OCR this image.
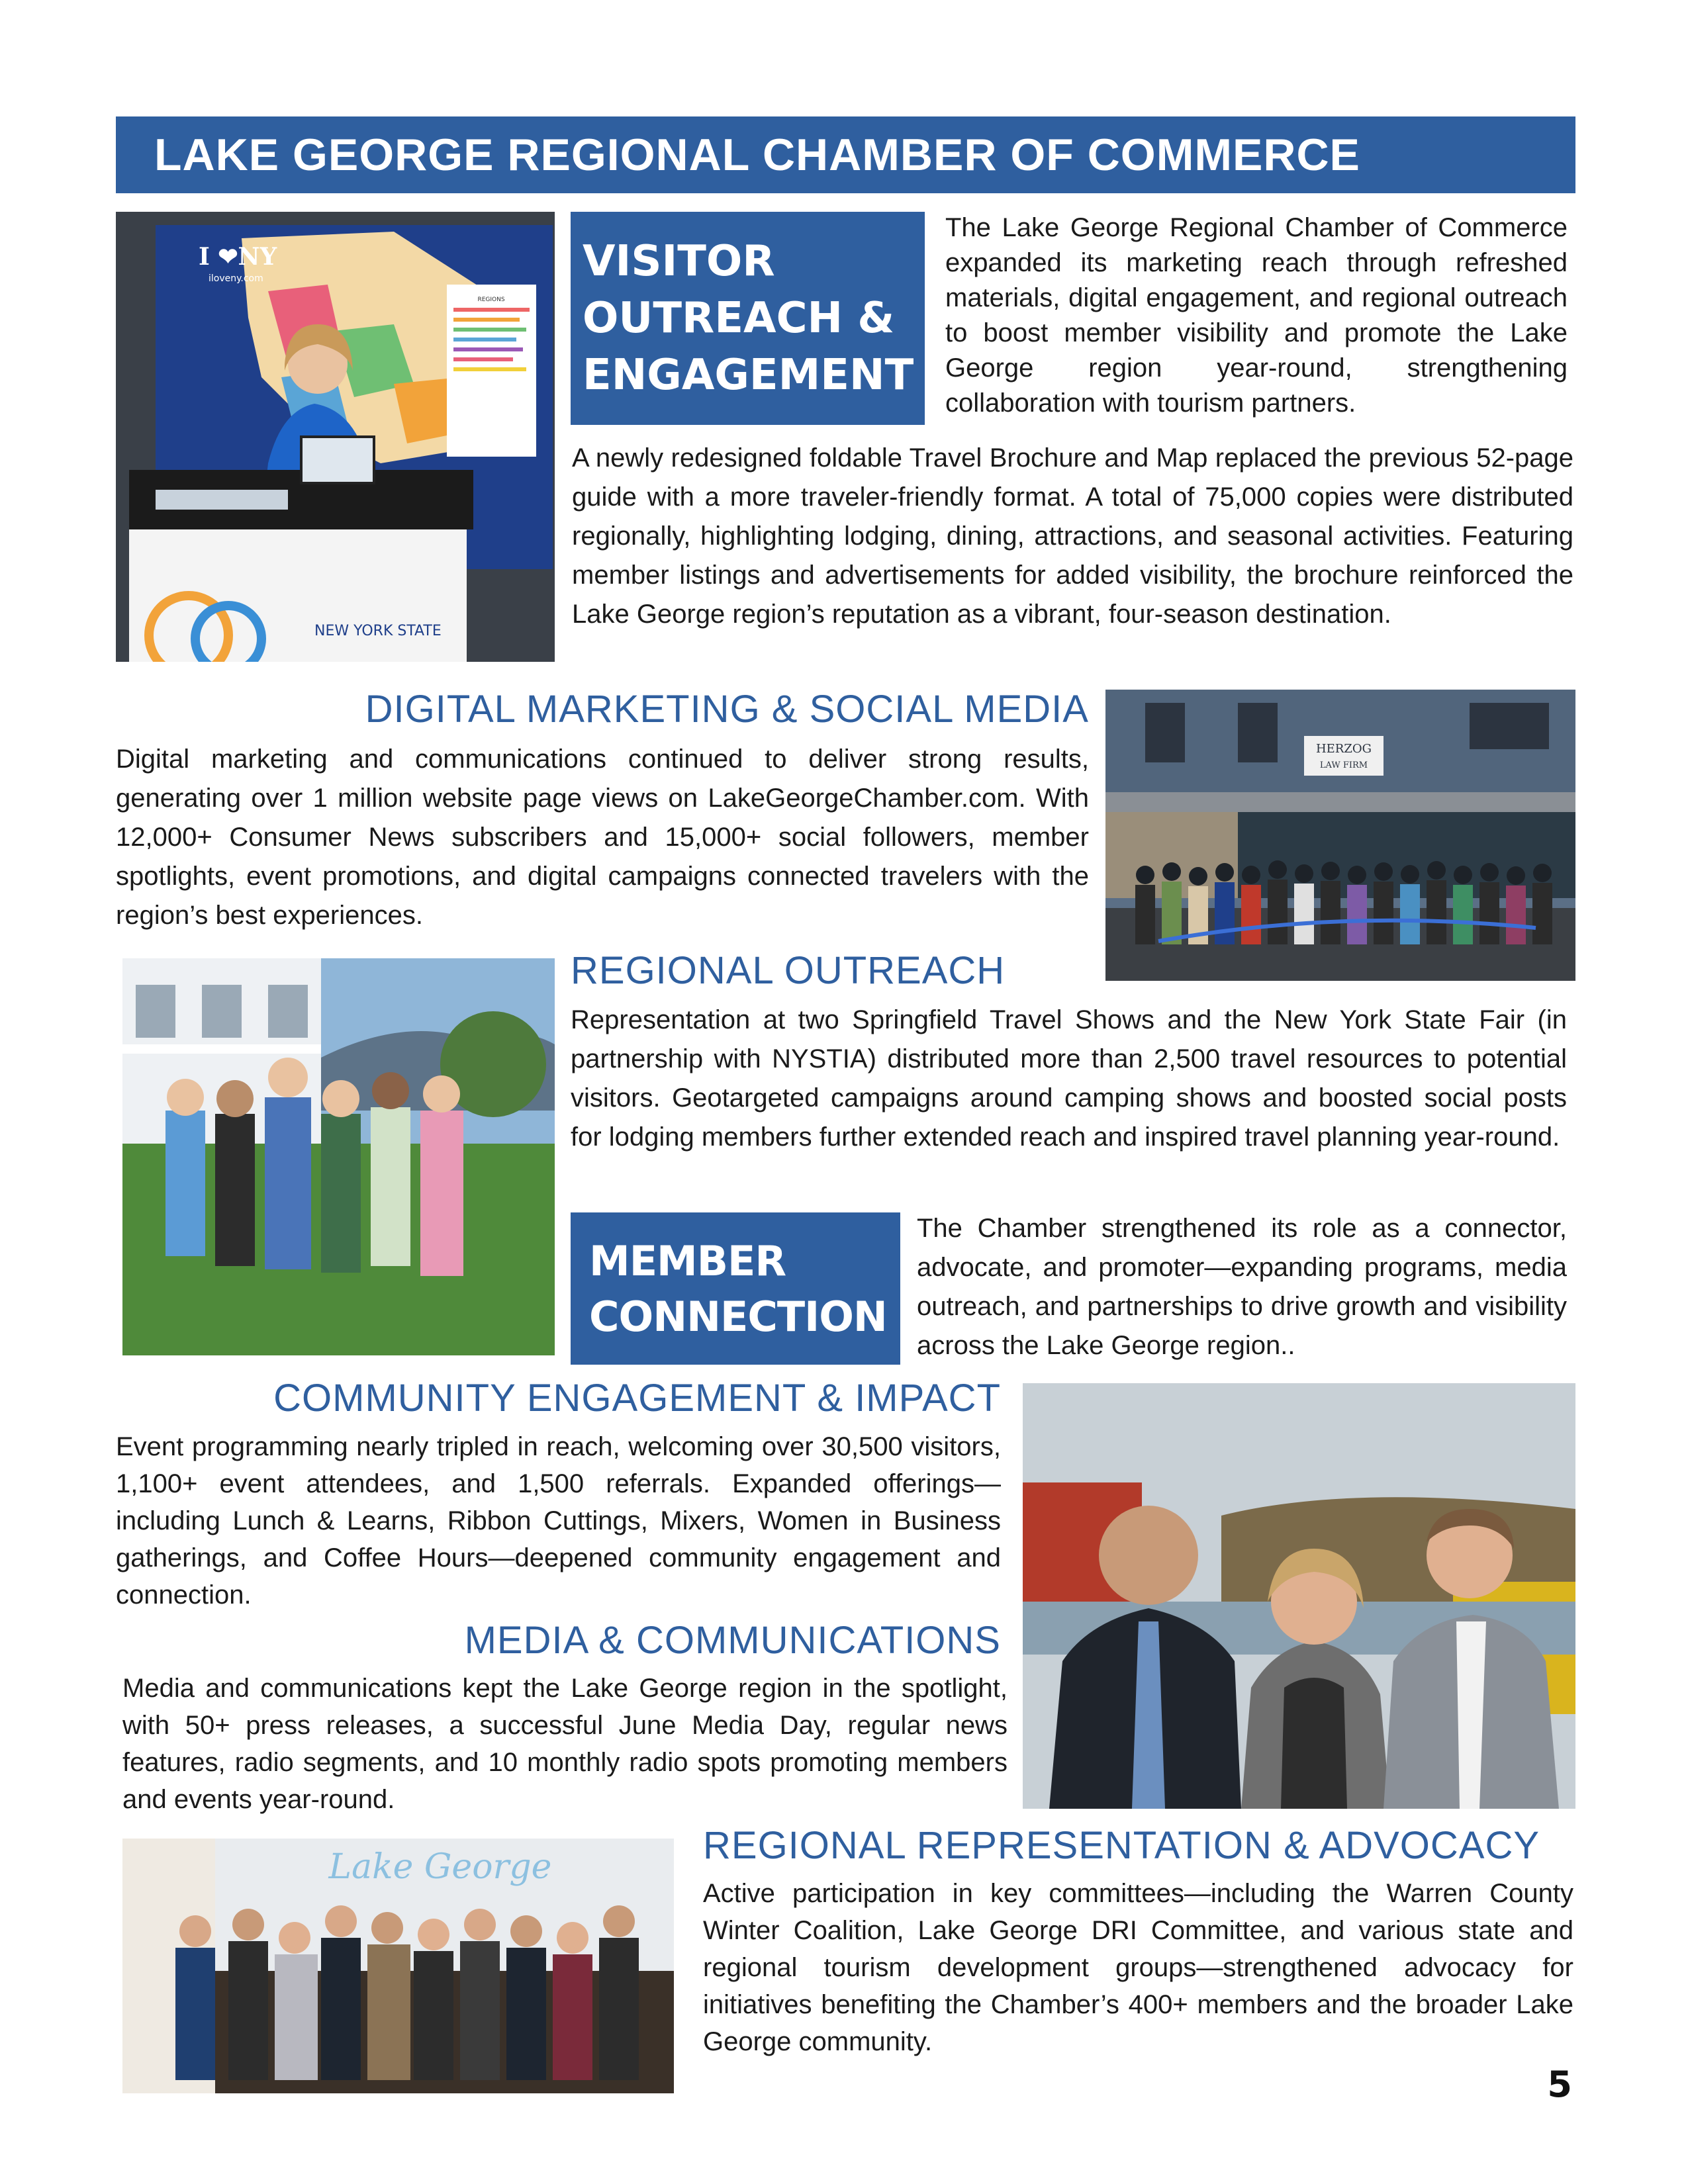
LAKE GEORGE REGIONAL CHAMBER OF COMMERCE
REGIONS
I ❤NY
iloveny.com
NEW YORK STATE
VISITOR
OUTREACH &
ENGAGEMENT
The Lake George Regional Chamber of Commerce expanded its marketing reach through refreshed materials, digital engagement, and regional outreach to boost member visibility and promote the Lake George region year-round, strengthening collaboration with tourism partners.
A newly redesigned foldable Travel Brochure and Map replaced the previous 52-page guide with a more traveler-friendly format. A total of 75,000 copies were distributed regionally, highlighting lodging, dining, attractions, and seasonal activities. Featuring member listings and advertisements for added visibility, the brochure reinforced the Lake George region’s reputation as a vibrant, four-season destination.
DIGITAL MARKETING & SOCIAL MEDIA
Digital marketing and communications continued to deliver strong results, generating over 1 million website page views on LakeGeorgeChamber.com. With 12,000+ Consumer News subscribers and 15,000+ social followers, member spotlights, event promotions, and digital campaigns connected travelers with the region’s best experiences.
HERZOG
LAW FIRM
REGIONAL OUTREACH
Representation at two Springfield Travel Shows and the New York State Fair (in partnership with NYSTIA) distributed more than 2,500 travel resources to potential visitors. Geotargeted campaigns around camping shows and boosted social posts for lodging members further extended reach and inspired travel planning year-round.
MEMBER
CONNECTION
The Chamber strengthened its role as a connector, advocate, and promoter—expanding programs, media outreach, and partnerships to drive growth and visibility across the Lake George region..
COMMUNITY ENGAGEMENT & IMPACT
Event programming nearly tripled in reach, welcoming over 30,500 visitors, 1,100+ event attendees, and 1,500 referrals. Expanded offerings—including Lunch & Learns, Ribbon Cuttings, Mixers, Women in Business gatherings, and Coffee Hours—deepened community engagement and connection.
MEDIA & COMMUNICATIONS
Media and communications kept the Lake George region in the spotlight, with 50+ press releases, a successful June Media Day, regular news features, radio segments, and 10 monthly radio spots promoting members and events year-round.
Lake George	REGIONAL REPRESENTATION & ADVOCACY
Active participation in key committees—including the Warren County Winter Coalition, Lake George DRI Committee, and various state and regional tourism development groups—strengthened advocacy for initiatives benefiting the Chamber’s 400+ members and the broader Lake George community.
5
